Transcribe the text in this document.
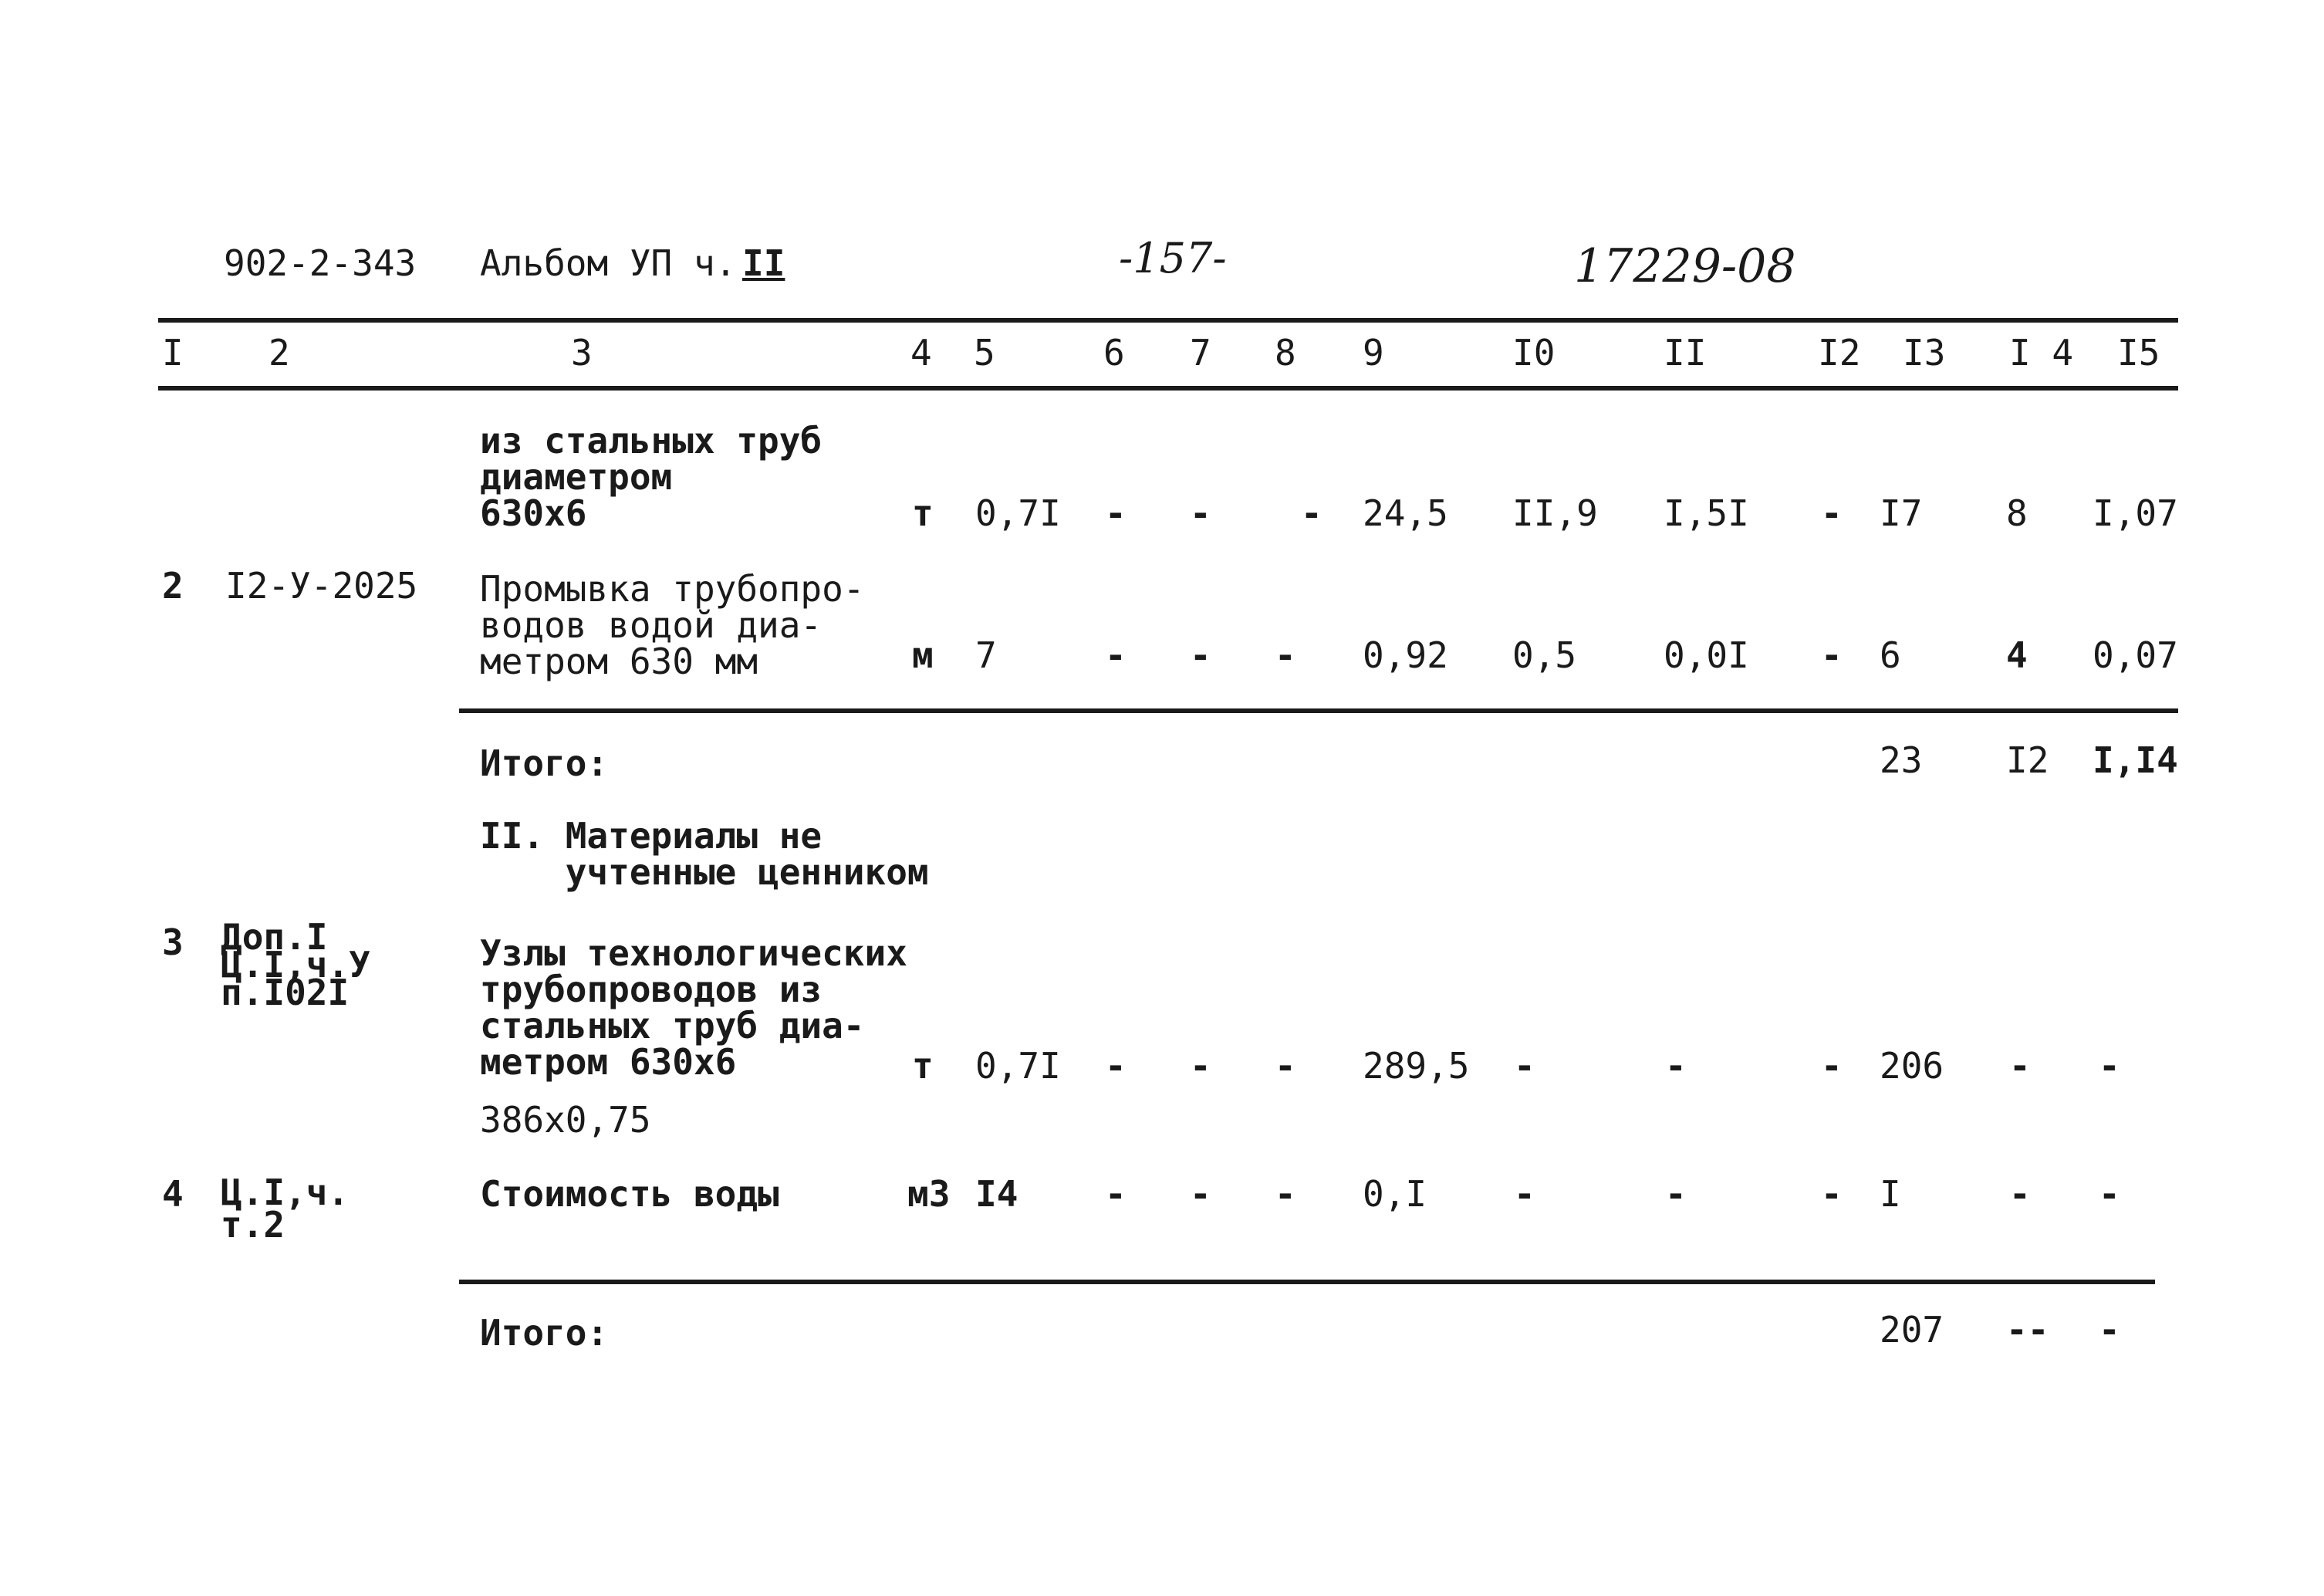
902-2-343 Альбом УП ч. II	-157-	17229-08
I 2	3	4 5	6 7 8 9	I0	II	I2 I3 I 4 I5
из стальных труб
диаметром
630х6	т 0,7I - -	- 24,5 II,9 I,5I - I7 8 I,07
2 I2-У-2025 Промывка трубопро-
водов водой диа-
метром 630 мм	м 7	- - - 0,92 0,5 0,0I - 6	4 0,07
Итого:	23 I2 I,I4
II. Материалы не
учтенные ценником
3 Доп.I
Ц.I,ч.У
п.I02I
Узлы технологических
трубопроводов из
стальных труб диа-
метром 630х6	т 0,7I - - - 289,5 -	-	- 206 - -
386х0,75
4 Ц.I,ч.
т.2
Стоимость воды	м3 I4 - - - 0,I -	-	- I	- -
Итого:	207 -- -
